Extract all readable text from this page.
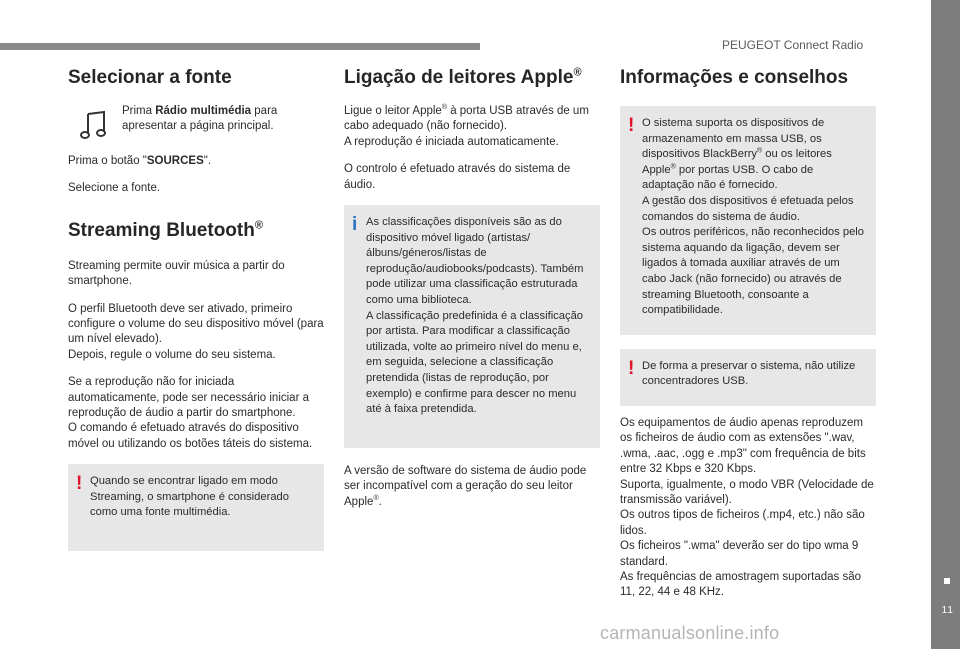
PEUGEOT Connect Radio
11
carmanualsonline.info
Selecionar a fonte

Prima Rádio multimédia para apresentar a página principal.

Prima o botão "SOURCES".

Selecione a fonte.

Streaming Bluetooth®

Streaming permite ouvir música a partir do smartphone.

O perfil Bluetooth deve ser ativado, primeiro configure o volume do seu dispositivo móvel (para um nível elevado).
Depois, regule o volume do seu sistema.

Se a reprodução não for iniciada automaticamente, pode ser necessário iniciar a reprodução de áudio a partir do smartphone.
O comando é efetuado através do dispositivo móvel ou utilizando os botões táteis do sistema.

! Quando se encontrar ligado em modo Streaming, o smartphone é considerado como uma fonte multimédia.

Ligação de leitores Apple®

Ligue o leitor Apple® à porta USB através de um cabo adequado (não fornecido).
A reprodução é iniciada automaticamente.

O controlo é efetuado através do sistema de áudio.

i As classificações disponíveis são as do dispositivo móvel ligado (artistas/álbuns/géneros/listas de reprodução/audiobooks/podcasts). Também pode utilizar uma classificação estruturada como uma biblioteca.

A classificação predefinida é a classificação por artista. Para modificar a classificação utilizada, volte ao primeiro nível do menu e, em seguida, selecione a classificação pretendida (listas de reprodução, por exemplo) e confirme para descer no menu até à faixa pretendida.

A versão de software do sistema de áudio pode ser incompatível com a geração do seu leitor Apple®.

Informações e conselhos
! O sistema suporta os dispositivos de armazenamento em massa USB, os dispositivos BlackBerry® ou os leitores Apple® por portas USB. O cabo de adaptação não é fornecido.

A gestão dos dispositivos é efetuada pelos comandos do sistema de áudio.

Os outros periféricos, não reconhecidos pelo sistema aquando da ligação, devem ser ligados à tomada auxiliar através de um cabo Jack (não fornecido) ou através de streaming Bluetooth, consoante a compatibilidade.

! De forma a preservar o sistema, não utilize concentradores USB.

Os equipamentos de áudio apenas reproduzem os ficheiros de áudio com as extensões ".wav, .wma, .aac, .ogg e .mp3" com frequência de bits entre 32 Kbps e 320 Kbps.
Suporta, igualmente, o modo VBR (Velocidade de transmissão variável).
Os outros tipos de ficheiros (.mp4, etc.) não são lidos.
Os ficheiros ".wma" deverão ser do tipo wma 9 standard.
As frequências de amostragem suportadas são 11, 22, 44 e 48 KHz.
